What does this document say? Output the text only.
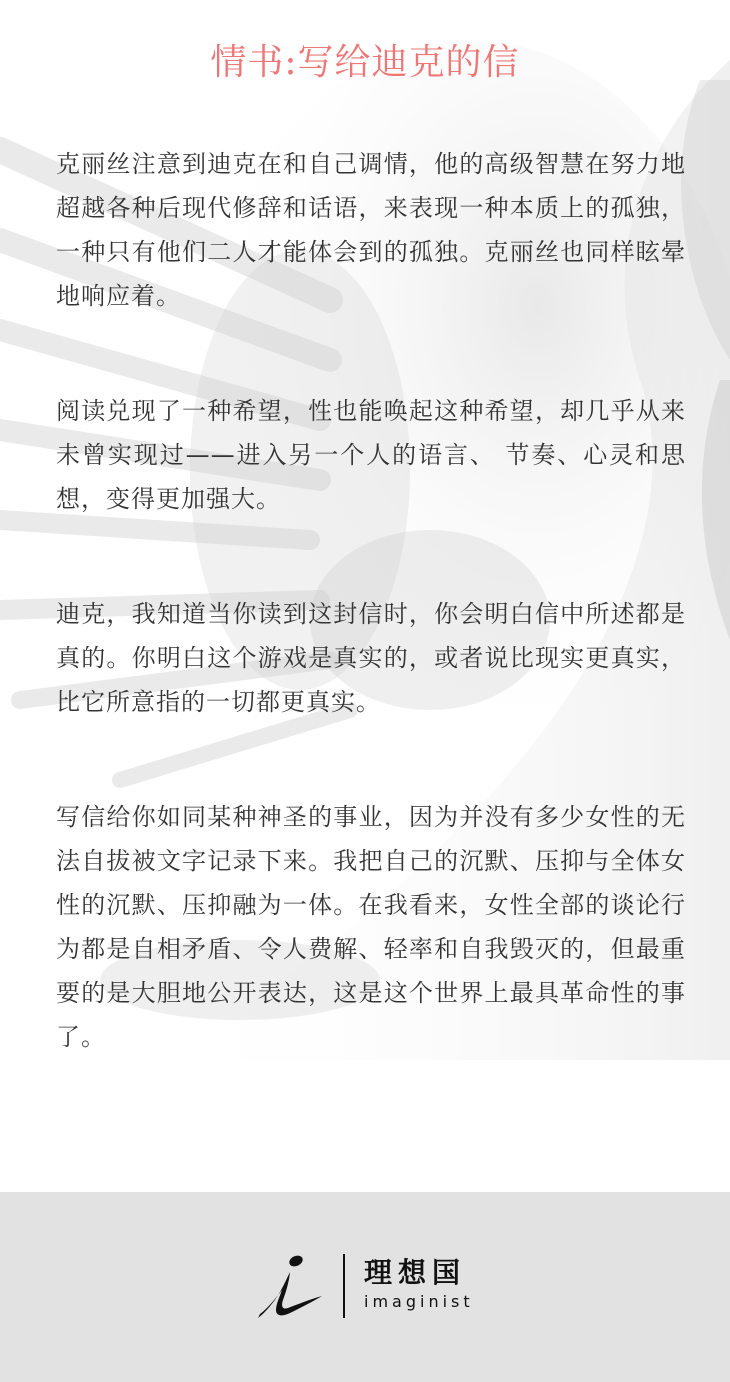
情书:写给迪克的信

克丽丝注意到迪克在和自己调情，他的高级智慧在努力地超越各种后现代修辞和话语，来表现一种本质上的孤独，一种只有他们二人才能体会到的孤独。克丽丝也同样眩晕地响应着。

阅读兑现了一种希望，性也能唤起这种希望，却几乎从来未曾实现过——进入另一个人的语言、 节奏、心灵和思想，变得更加强大。

迪克，我知道当你读到这封信时，你会明白信中所述都是真的。你明白这个游戏是真实的，或者说比现实更真实，比它所意指的一切都更真实。

写信给你如同某种神圣的事业，因为并没有多少女性的无法自拔被文字记录下来。我把自己的沉默、压抑与全体女性的沉默、压抑融为一体。在我看来，女性全部的谈论行为都是自相矛盾、令人费解、轻率和自我毁灭的，但最重要的是大胆地公开表达，这是这个世界上最具革命性的事了。

理想国
imaginist
